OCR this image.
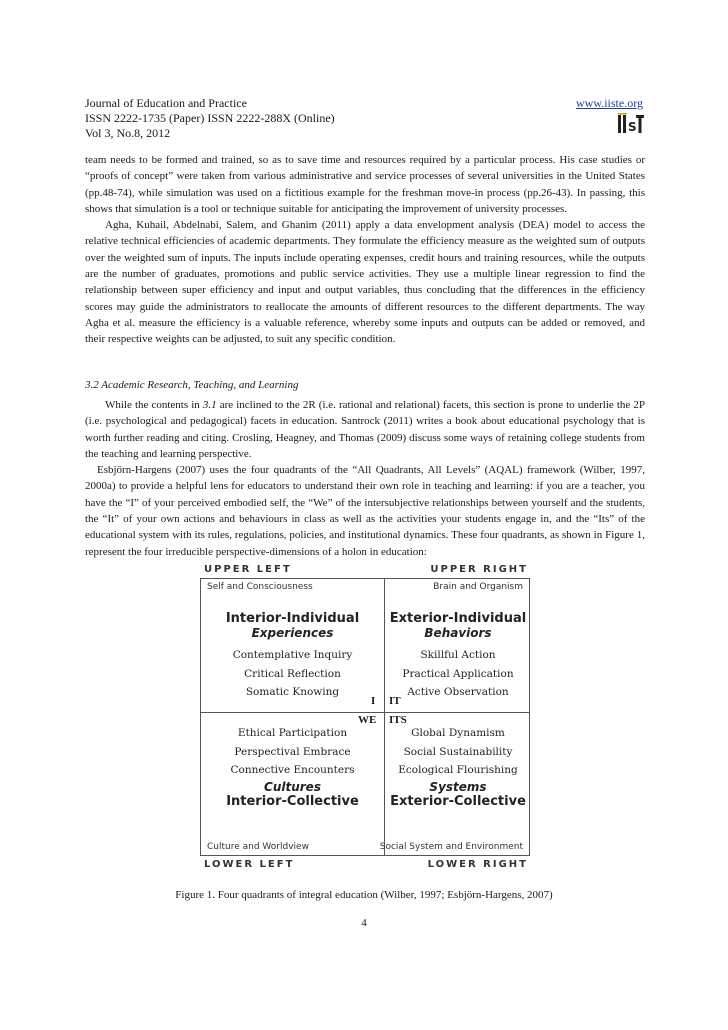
Journal of Education and Practice
ISSN 2222-1735 (Paper) ISSN 2222-288X (Online)
Vol 3, No.8, 2012
www.iiste.org
S

team needs to be formed and trained, so as to save time and resources required by a particular process. His case studies or “proofs of concept” were taken from various administrative and service processes of several universities in the United States (pp.48-74), while simulation was used on a fictitious example for the freshman move-in process (pp.26-43). In passing, this shows that simulation is a tool or technique suitable for anticipating the improvement of university processes.

Agha, Kuhail, Abdelnabi, Salem, and Ghanim (2011) apply a data envelopment analysis (DEA) model to access the relative technical efficiencies of academic departments. They formulate the efficiency measure as the weighted sum of outputs over the weighted sum of inputs. The inputs include operating expenses, credit hours and training resources, while the outputs are the number of graduates, promotions and public service activities. They use a multiple linear regression to find the relationship between super efficiency and input and output variables, thus concluding that the differences in the efficiency scores may guide the administrators to reallocate the amounts of different resources to the different departments. The way Agha et al. measure the efficiency is a valuable reference, whereby some inputs and outputs can be added or removed, and their respective weights can be adjusted, to suit any specific condition.

3.2 Academic Research, Teaching, and Learning

While the contents in 3.1 are inclined to the 2R (i.e. rational and relational) facets, this section is prone to underlie the 2P (i.e. psychological and pedagogical) facets in education. Santrock (2011) writes a book about educational psychology that is worth further reading and citing. Crosling, Heagney, and Thomas (2009) discuss some ways of retaining college students from the teaching and learning perspective.

Esbjörn-Hargens (2007) uses the four quadrants of the “All Quadrants, All Levels” (AQAL) framework (Wilber, 1997, 2000a) to provide a helpful lens for educators to understand their own role in teaching and learning: if you are a teacher, you have the “I” of your perceived embodied self, the “We” of the intersubjective relationships between yourself and the students, the “It” of your own actions and behaviours in class as well as the activities your students engage in, and the “Its” of the educational system with its rules, regulations, policies, and institutional dynamics. These four quadrants, as shown in Figure 1, represent the four irreducible perspective-dimensions of a holon in education:

UPPER LEFT	UPPER RIGHT
LOWER LEFT	LOWER RIGHT
Self and Consciousness	Brain and Organism
Culture and Worldview	Social System and Environment
Interior-Individual
Experiences
Contemplative Inquiry
Critical Reflection
Somatic Knowing
Exterior-Individual
Behaviors
Skillful Action
Practical Application
Active Observation
Ethical Participation
Perspectival Embrace
Connective Encounters
Cultures
Interior-Collective
Global Dynamism
Social Sustainability
Ecological Flourishing
Systems
Exterior-Collective
I IT
WE ITS
Figure 1. Four quadrants of integral education (Wilber, 1997; Esbjörn-Hargens, 2007)
4
